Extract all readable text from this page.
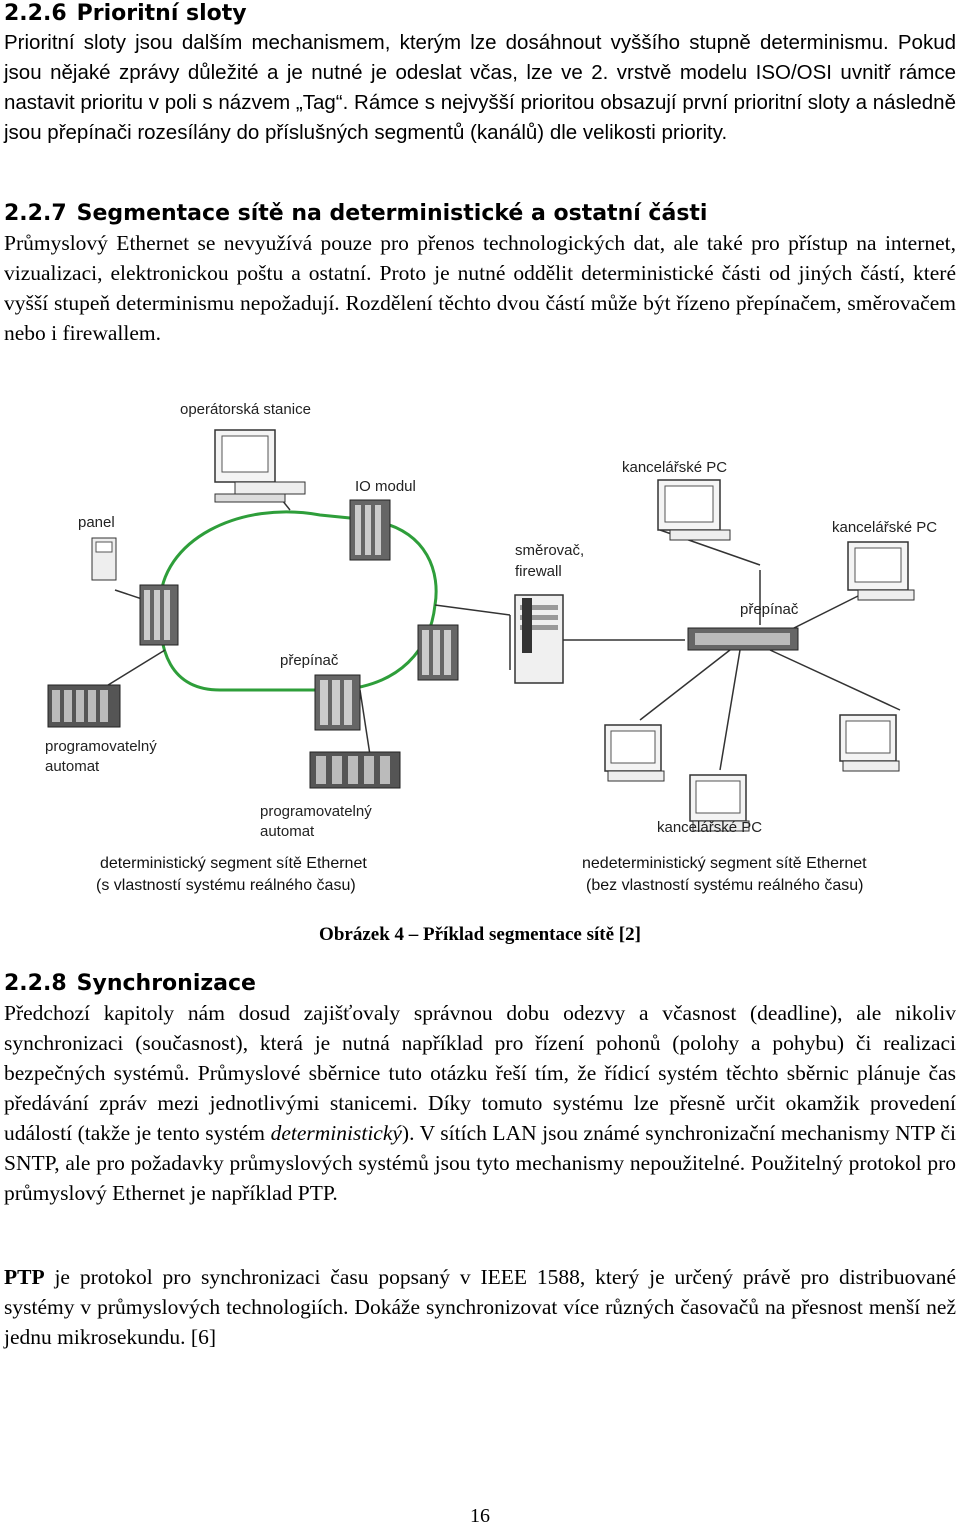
2.2.6 Prioritní sloty

Prioritní sloty jsou dalším mechanismem, kterým lze dosáhnout vyššího stupně determinismu. Pokud jsou nějaké zprávy důležité a je nutné je odeslat včas, lze ve 2. vrstvě modelu ISO/OSI uvnitř rámce nastavit prioritu v poli s názvem „Tag“. Rámce s nejvyšší prioritou obsazují první prioritní sloty a následně jsou přepínači rozesílány do příslušných segmentů (kanálů) dle velikosti priority.

2.2.7 Segmentace sítě na deterministické a ostatní části

Průmyslový Ethernet se nevyužívá pouze pro přenos technologických dat, ale také pro přístup na internet, vizualizaci, elektronickou poštu a ostatní. Proto je nutné oddělit deterministické části od jiných částí, které vyšší stupeň determinismu nepožadují. Rozdělení těchto dvou částí může být řízeno přepínačem, směrovačem nebo i firewallem.

operátorská stanice
IO modul
panel
přepínač
programovatelný
automat
programovatelný
automat
směrovač,
firewall
kancelářské PC
kancelářské PC
přepínač
kancelářské PC
deterministický segment sítě Ethernet
(s vlastností systému reálného času)
nedeterministický segment sítě Ethernet
(bez vlastností systému reálného času)
Obrázek 4 – Příklad segmentace sítě [2]
2.2.8 Synchronizace

Předchozí kapitoly nám dosud zajišťovaly správnou dobu odezvy a včasnost (deadline), ale nikoliv synchronizaci (současnost), která je nutná například pro řízení pohonů (polohy a pohybu) či realizaci bezpečných systémů. Průmyslové sběrnice tuto otázku řeší tím, že řídicí systém těchto sběrnic plánuje čas předávání zpráv mezi jednotlivými stanicemi. Díky tomuto systému lze přesně určit okamžik provedení událostí (takže je tento systém deterministický). V sítích LAN jsou známé synchronizační mechanismy NTP či SNTP, ale pro požadavky průmyslových systémů jsou tyto mechanismy nepoužitelné. Použitelný protokol pro průmyslový Ethernet je například PTP.

PTP je protokol pro synchronizaci času popsaný v IEEE 1588, který je určený právě pro distribuované systémy v průmyslových technologiích. Dokáže synchronizovat více různých časovačů na přesnost menší než jednu mikrosekundu. [6]

16
